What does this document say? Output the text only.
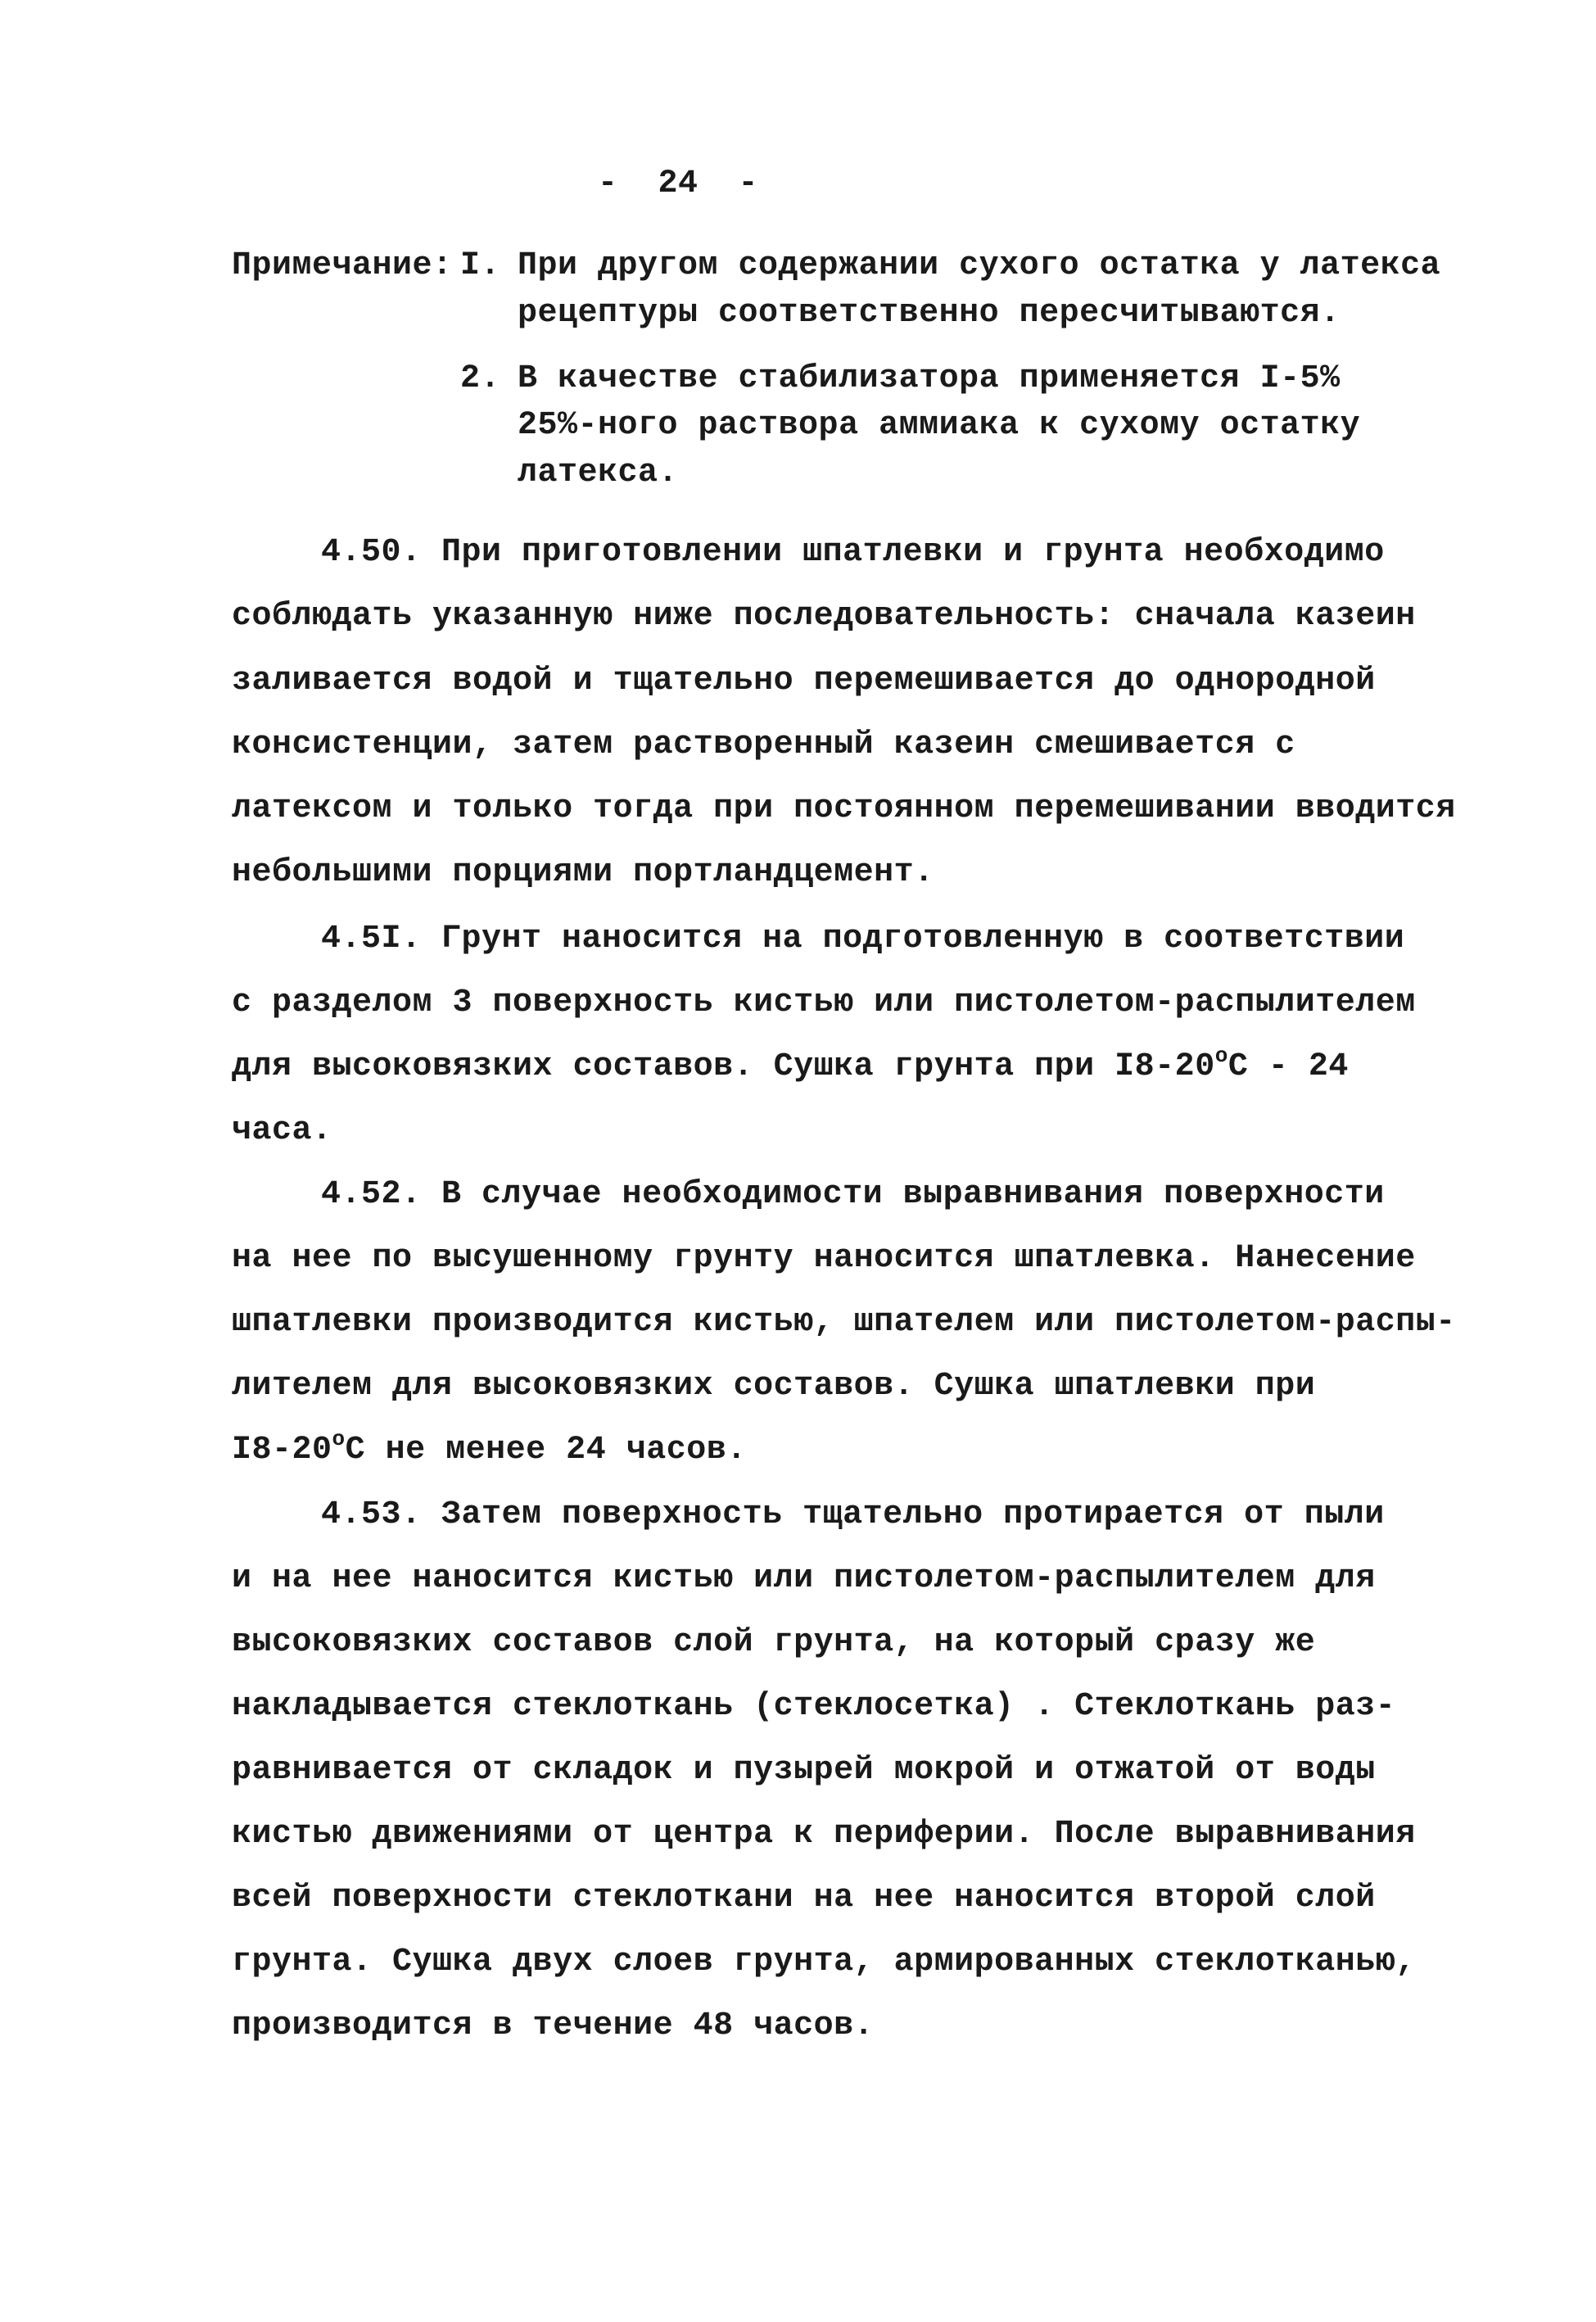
-  24  -
Примечание: I. При другом содержании сухого остатка у латекса
рецептуры соответственно пересчитываются.
2. В качестве стабилизатора применяется I-5%
25%-ного раствора аммиака к сухому остатку
латекса.
4.50. При приготовлении шпатлевки и грунта необходимо
соблюдать указанную ниже последовательность: сначала казеин
заливается водой и тщательно перемешивается до однородной
консистенции, затем растворенный казеин смешивается с
латексом и только тогда при постоянном перемешивании вводится
небольшими порциями портландцемент.
4.5I. Грунт наносится на подготовленную в соответствии
с разделом 3 поверхность кистью или пистолетом-распылителем
для высоковязких составов. Сушка грунта при I8-20$^o$С - 24
часа.
4.52. В случае необходимости выравнивания поверхности
на нее по высушенному грунту наносится шпатлевка. Нанесение
шпатлевки производится кистью, шпателем или пистолетом-распы-
лителем для высоковязких составов. Сушка шпатлевки при
I8-20$^o$С не менее 24 часов.
4.53. Затем поверхность тщательно протирается от пыли
и на нее наносится кистью или пистолетом-распылителем для
высоковязких составов слой грунта, на который сразу же
накладывается стеклоткань (стеклосетка) . Стеклоткань раз-
равнивается от складок и пузырей мокрой и отжатой от воды
кистью движениями от центра к периферии. После выравнивания
всей поверхности стеклоткани на нее наносится второй слой
грунта. Сушка двух слоев грунта, армированных стеклотканью,
производится в течение 48 часов.
